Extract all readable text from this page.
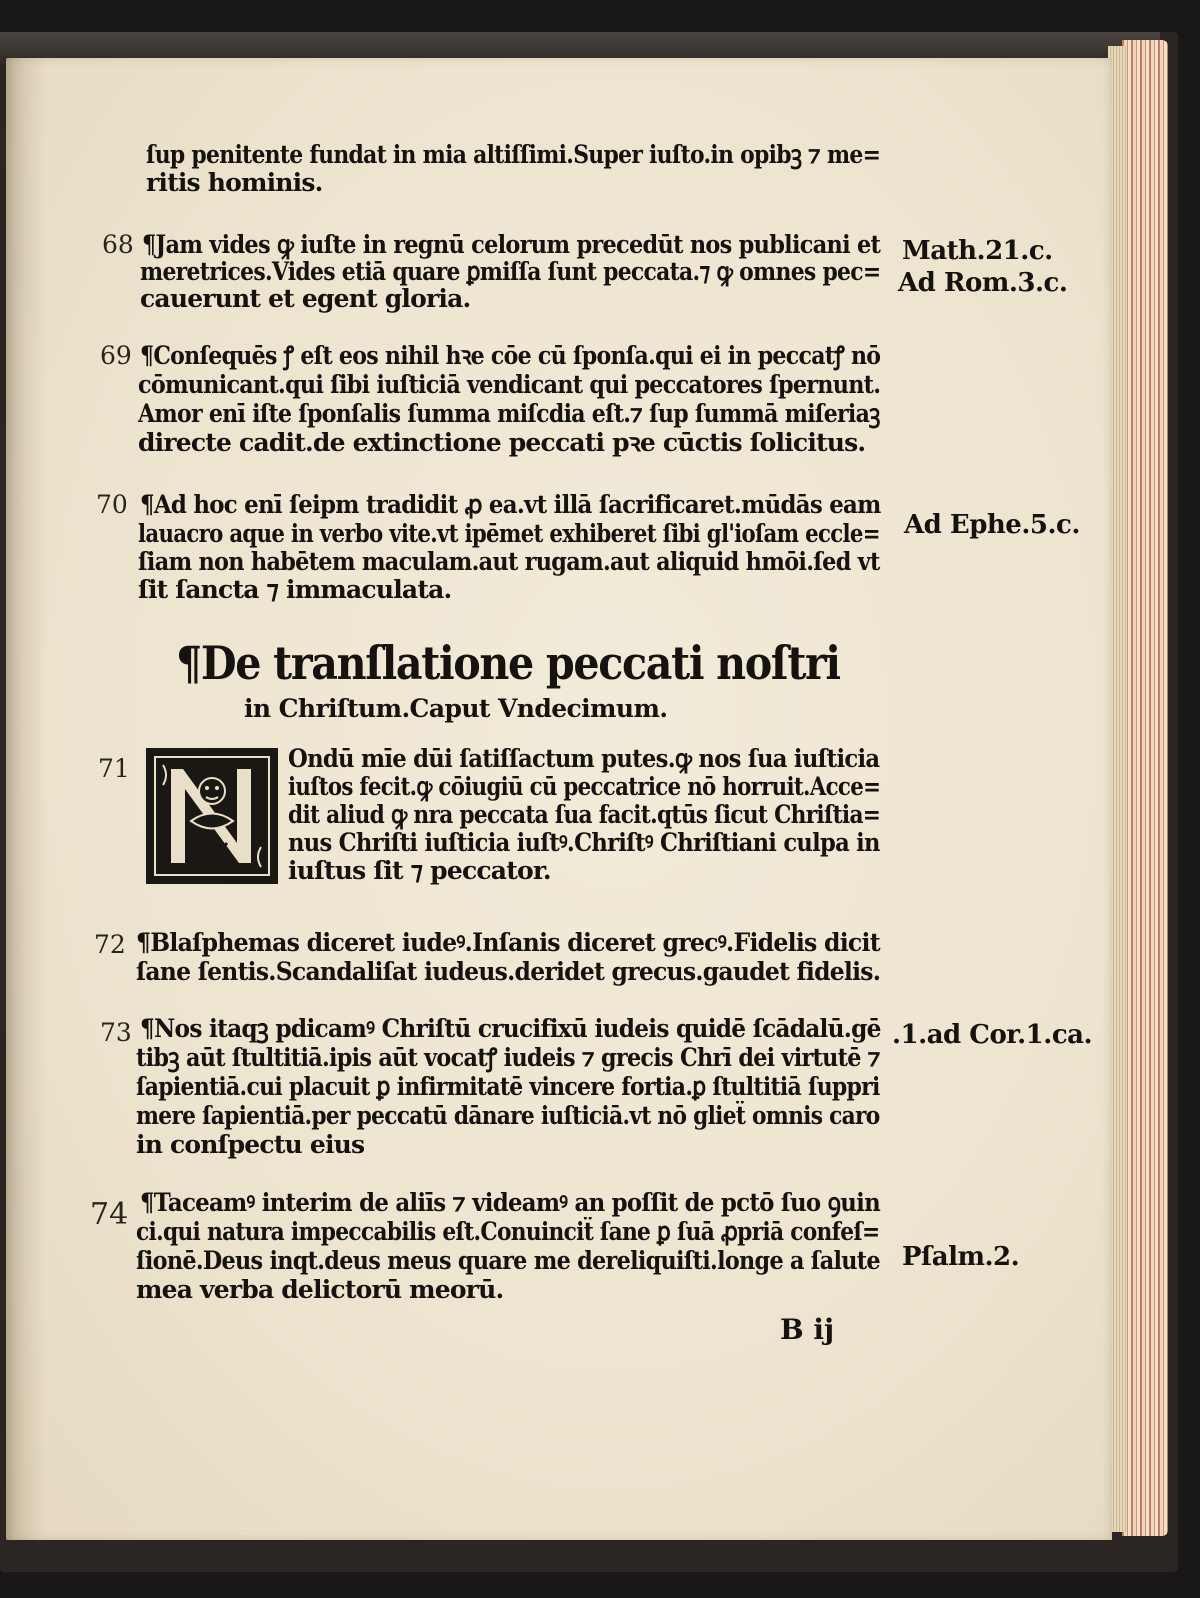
ſup penitente fundat in mia altiſſimi.Super iuſto.in opibꝫ ⁊ me=
ritis hominis.
68 ¶Jam vides ꝙ iuſte in regnū celorum precedūt nos publicani et
meretrices.Vides etiā quare ꝑmiſſa ſunt peccata.⁊ ꝙ omnes pec=
cauerunt et egent gloria.
69 ¶Conſequēs ꝭ eſt eos nihil hꝛe cōe cū ſponſa.qui ei in peccatꝭ nō
cōmunicant.qui ſibi iuſticiā vendicant qui peccatores ſpernunt.
Amor enī iſte ſponſalis ſumma miſcdia eſt.⁊ ſup ſummā miſeriaꝫ
directe cadit.de extinctione peccati pꝛe cūctis ſolicitus.
70 ¶Ad hoc enī ſeipm tradidit ꝓ ea.vt illā ſacrificaret.mūdās eam
lauacro aque in verbo vite.vt ipēmet exhiberet ſibi gl'ioſam eccle=
ſiam non habētem maculam.aut rugam.aut aliquid hmōi.ſed vt
ſit ſancta ⁊ immaculata.
¶De tranſlatione peccati noſtri
in Chriſtum.Caput Vndecimum.
71	Ondū mīe dūi ſatiſſactum putes.ꝙ nos ſua iuſticia
iuſtos fecit.ꝙ cōiugiū cū peccatrice nō horruit.Acce=
dit aliud ꝙ nra peccata ſua facit.qtūs ſicut Chriſtia=
nus Chriſti iuſticia iuſtꝰ.Chriſtꝰ Chriſtiani culpa in
iuſtus ſit ⁊ peccator.
72 ¶Blaſphemas diceret iudeꝰ.Inſanis diceret grecꝰ.Fidelis dicit
ſane ſentis.Scandaliſat iudeus.deridet grecus.gaudet fidelis.
73 ¶Nos itaqꝫ pdicamꝰ Chriſtū crucifixū iudeis quidē ſcādalū.gē
tibꝫ aūt ſtultitiā.ipis aūt vocatꝭ iudeis ⁊ grecis Chrī dei virtutē ⁊
ſapientiā.cui placuit ꝑ infirmitatē vincere fortia.ꝑ ſtultitiā ſuppri
mere ſapientiā.per peccatū dānare iuſticiā.vt nō glieẗ omnis caro
in conſpectu eius
74 ¶Taceamꝰ interim de aliīs ⁊ videamꝰ an poſſit de pctō ſuo ꝯuin
ci.qui natura impeccabilis eſt.Conuinciẗ ſane ꝑ ſuā ꝓpriā confeſ=
ſionē.Deus inqt.deus meus quare me dereliquiſti.longe a ſalute
mea verba delictorū meorū.
Math.21.c.
Ad Rom.3.c.
Ad Ephe.5.c.
.1.ad Cor.1.ca.
Pſalm.2.
B ij
